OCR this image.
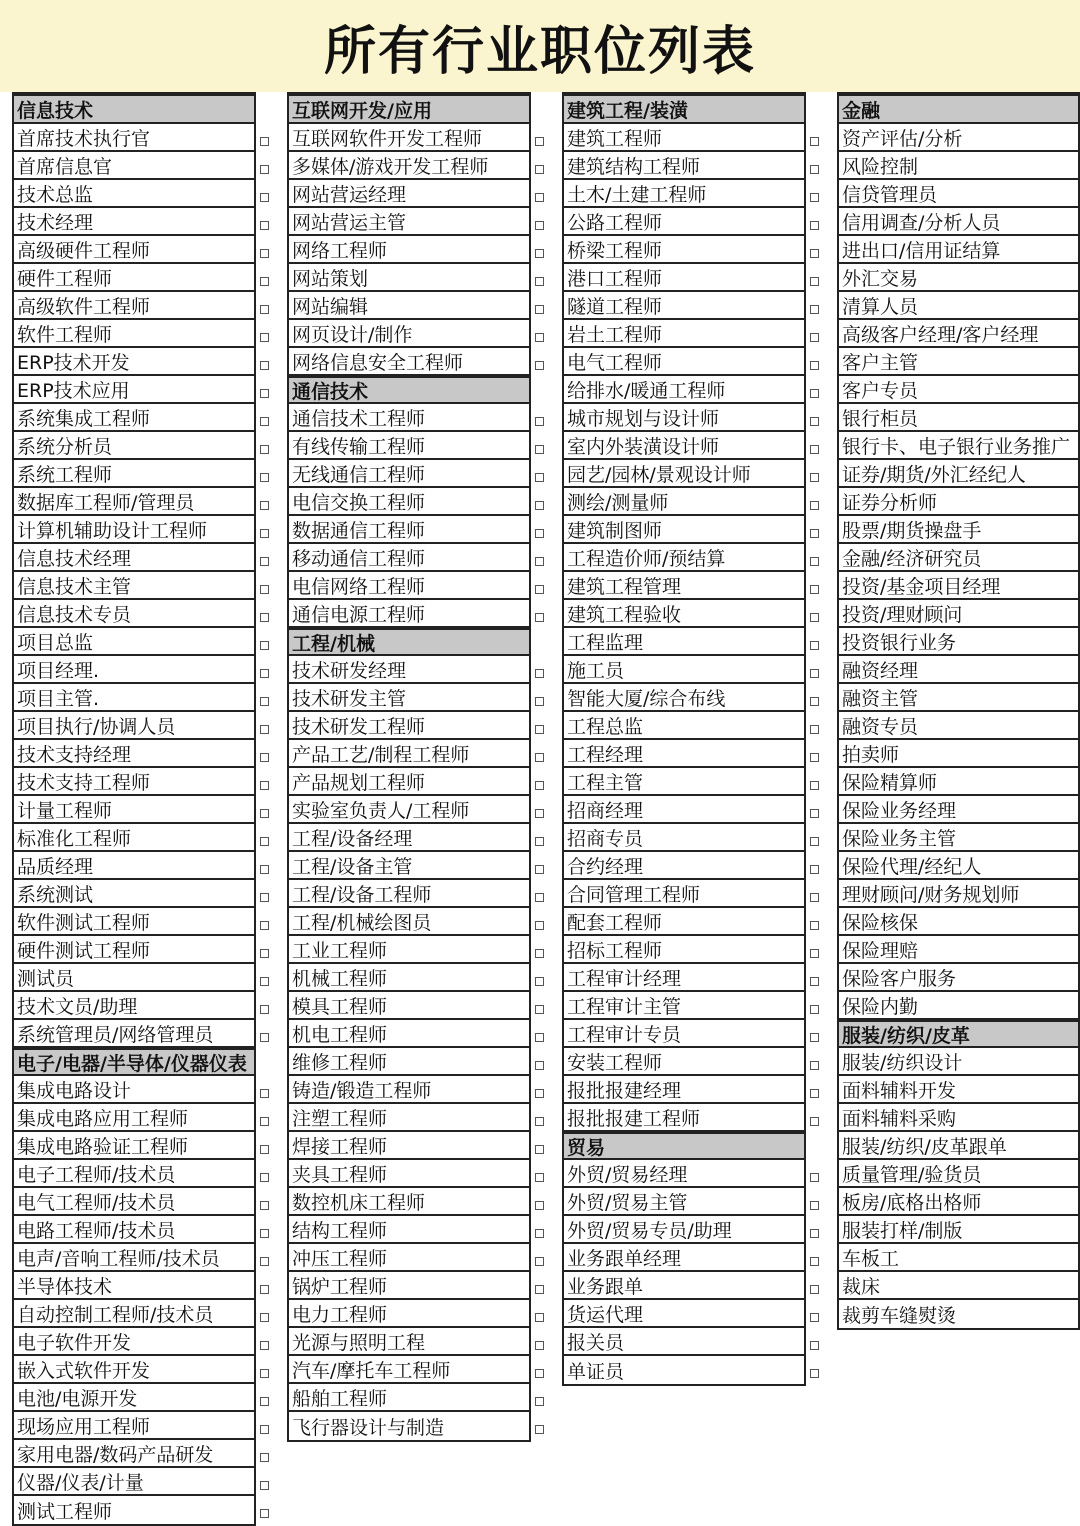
所有行业职位列表
信息技术
首席技术执行官
首席信息官
技术总监
技术经理
高级硬件工程师
硬件工程师
高级软件工程师
软件工程师
ERP技术开发
ERP技术应用
系统集成工程师
系统分析员
系统工程师
数据库工程师/管理员
计算机辅助设计工程师
信息技术经理
信息技术主管
信息技术专员
项目总监
项目经理.
项目主管.
项目执行/协调人员
技术支持经理
技术支持工程师
计量工程师
标准化工程师
品质经理
系统测试
软件测试工程师
硬件测试工程师
测试员
技术文员/助理
系统管理员/网络管理员
电子/电器/半导体/仪器仪表
集成电路设计
集成电路应用工程师
集成电路验证工程师
电子工程师/技术员
电气工程师/技术员
电路工程师/技术员
电声/音响工程师/技术员
半导体技术
自动控制工程师/技术员
电子软件开发
嵌入式软件开发
电池/电源开发
现场应用工程师
家用电器/数码产品研发
仪器/仪表/计量
测试工程师
互联网开发/应用
互联网软件开发工程师
多媒体/游戏开发工程师
网站营运经理
网站营运主管
网络工程师
网站策划
网站编辑
网页设计/制作
网络信息安全工程师
通信技术
通信技术工程师
有线传输工程师
无线通信工程师
电信交换工程师
数据通信工程师
移动通信工程师
电信网络工程师
通信电源工程师
工程/机械
技术研发经理
技术研发主管
技术研发工程师
产品工艺/制程工程师
产品规划工程师
实验室负责人/工程师
工程/设备经理
工程/设备主管
工程/设备工程师
工程/机械绘图员
工业工程师
机械工程师
模具工程师
机电工程师
维修工程师
铸造/锻造工程师
注塑工程师
焊接工程师
夹具工程师
数控机床工程师
结构工程师
冲压工程师
锅炉工程师
电力工程师
光源与照明工程
汽车/摩托车工程师
船舶工程师
飞行器设计与制造
建筑工程/装潢
建筑工程师
建筑结构工程师
土木/土建工程师
公路工程师
桥梁工程师
港口工程师
隧道工程师
岩土工程师
电气工程师
给排水/暖通工程师
城市规划与设计师
室内外装潢设计师
园艺/园林/景观设计师
测绘/测量师
建筑制图师
工程造价师/预结算
建筑工程管理
建筑工程验收
工程监理
施工员
智能大厦/综合布线
工程总监
工程经理
工程主管
招商经理
招商专员
合约经理
合同管理工程师
配套工程师
招标工程师
工程审计经理
工程审计主管
工程审计专员
安装工程师
报批报建经理
报批报建工程师
贸易
外贸/贸易经理
外贸/贸易主管
外贸/贸易专员/助理
业务跟单经理
业务跟单
货运代理
报关员
单证员
金融
资产评估/分析
风险控制
信贷管理员
信用调查/分析人员
进出口/信用证结算
外汇交易
清算人员
高级客户经理/客户经理
客户主管
客户专员
银行柜员
银行卡、电子银行业务推广
证券/期货/外汇经纪人
证券分析师
股票/期货操盘手
金融/经济研究员
投资/基金项目经理
投资/理财顾问
投资银行业务
融资经理
融资主管
融资专员
拍卖师
保险精算师
保险业务经理
保险业务主管
保险代理/经纪人
理财顾问/财务规划师
保险核保
保险理赔
保险客户服务
保险内勤
服装/纺织/皮革
服装/纺织设计
面料辅料开发
面料辅料采购
服装/纺织/皮革跟单
质量管理/验货员
板房/底格出格师
服装打样/制版
车板工
裁床
裁剪车缝熨烫
